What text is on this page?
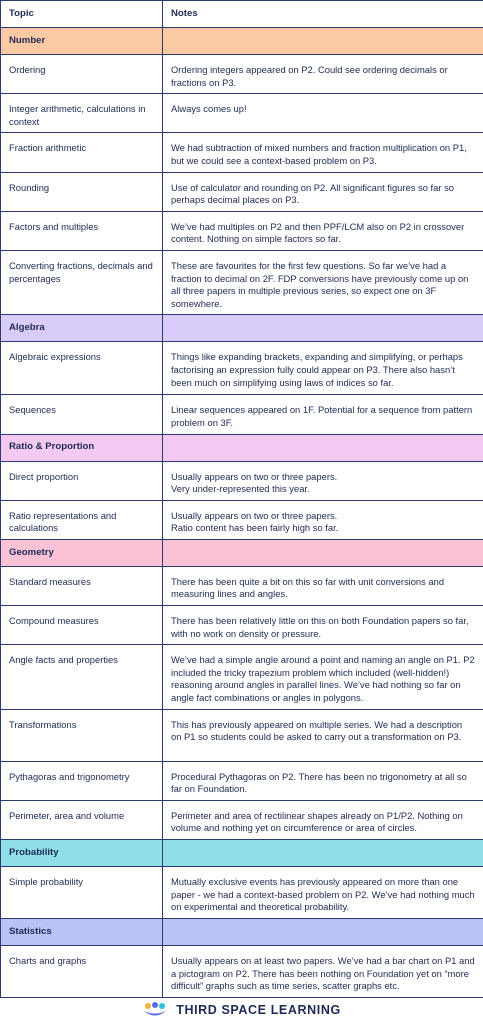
Topic	Notes
Number	
Ordering	Ordering integers appeared on P2. Could see ordering decimals or fractions on P3.
Integer arithmetic, calculations in context	Always comes up!
Fraction arithmetic	We had subtraction of mixed numbers and fraction multiplication on P1, but we could see a context-based problem on P3.
Rounding	Use of calculator and rounding on P2. All significant figures so far so perhaps decimal places on P3.
Factors and multiples	We’ve had multiples on P2 and then PPF/LCM also on P2 in crossover content. Nothing on simple factors so far.
Converting fractions, decimals and percentages	These are favourites for the first few questions. So far we’ve had a fraction to decimal on 2F. FDP conversions have previously come up on all three papers in multiple previous series, so expect one on 3F somewhere.
Algebra	
Algebraic expressions	Things like expanding brackets, expanding and simplifying, or perhaps factorising an expression fully could appear on P3. There also hasn’t been much on simplifying using laws of indices so far.
Sequences	Linear sequences appeared on 1F. Potential for a sequence from pattern problem on 3F.
Ratio & Proportion	
Direct proportion	Usually appears on two or three papers.
Very under-represented this year.
Ratio representations and calculations	Usually appears on two or three papers.
Ratio content has been fairly high so far.
Geometry	
Standard measures	There has been quite a bit on this so far with unit conversions and measuring lines and angles.
Compound measures	There has been relatively little on this on both Foundation papers so far, with no work on density or pressure.
Angle facts and properties	We’ve had a simple angle around a point and naming an angle on P1. P2 included the tricky trapezium problem which included (well-hidden!) reasoning around angles in parallel lines. We’ve had nothing so far on angle fact combinations or angles in polygons.
Transformations	This has previously appeared on multiple series. We had a description on P1 so students could be asked to carry out a transformation on P3.
Pythagoras and trigonometry	Procedural Pythagoras on P2. There has been no trigonometry at all so far on Foundation.
Perimeter, area and volume	Perimeter and area of rectilinear shapes already on P1/P2. Nothing on volume and nothing yet on circumference or area of circles.
Probability	
Simple probability	Mutually exclusive events has previously appeared on more than one paper - we had a context-based problem on P2. We’ve had nothing much on experimental and theoretical probability.
Statistics	
Charts and graphs	Usually appears on at least two papers. We’ve had a bar chart on P1 and a pictogram on P2. There has been nothing on Foundation yet on “more difficult” graphs such as time series, scatter graphs etc.
THIRD SPACE LEARNING
